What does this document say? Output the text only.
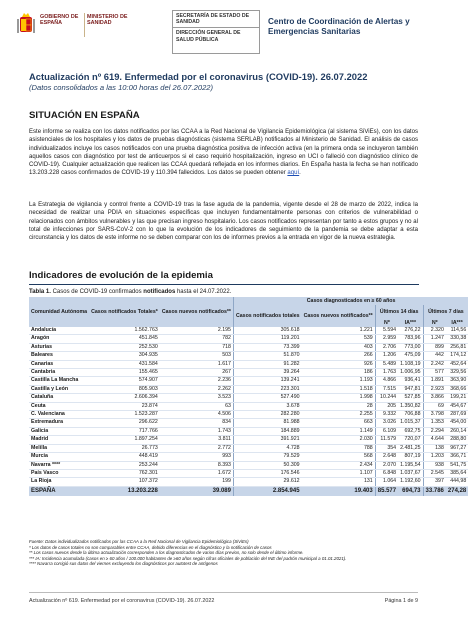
GOBIERNO DE ESPAÑA
MINISTERIO DE SANIDAD
SECRETARÍA DE ESTADO DE SANIDAD
DIRECCIÓN GENERAL DE SALUD PÚBLICA
Centro de Coordinación de Alertas y Emergencias Sanitarias
Actualización nº 619. Enfermedad por el coronavirus (COVID-19). 26.07.2022
(Datos consolidados a las 10:00 horas del 26.07.2022)
SITUACIÓN EN ESPAÑA
Este informe se realiza con los datos notificados por las CCAA a la Red Nacional de Vigilancia Epidemiológica (al sistema SiViEs), con los datos asistenciales de los hospitales y los datos de pruebas diagnósticas (sistema SERLAB) notificados al Ministerio de Sanidad. El análisis de casos individualizados incluye los casos notificados con una prueba diagnóstica positiva de infección activa (en la primera onda se incluyeron también aquellos casos con diagnóstico por test de anticuerpos si el caso requirió hospitalización, ingreso en UCI o falleció con diagnóstico clínico de COVID-19). Cualquier actualización que realicen las CCAA quedará reflejada en los informes diarios. En España hasta la fecha se han notificado 13.203.228 casos confirmados de COVID-19 y 110.394 fallecidos. Los datos se pueden obtener aquí.
La Estrategia de vigilancia y control frente a COVID-19 tras la fase aguda de la pandemia, vigente desde el 28 de marzo de 2022, indica la necesidad de realizar una PDIA en situaciones específicas que incluyen fundamentalmente personas con criterios de vulnerabilidad o relacionados con ámbitos vulnerables y las que precisan ingreso hospitalario. Los casos notificados representan por tanto a estos grupos y no al total de infecciones por SARS-CoV-2 con lo que la evolución de los indicadores de seguimiento de la pandemia se debe adaptar a esta circunstancia y los datos de este informe no se deben comparar con los de informes previos a la entrada en vigor de la nueva estrategia.
Indicadores de evolución de la epidemia
Tabla 1. Casos de COVID-19 confirmados notificados hasta el 24.07.2022.
Comunidad Autónoma	Casos notificados Totales*	Casos nuevos notificados**	Casos diagnosticados en ≥ 60 años					
			Casos notificados totales	Casos nuevos notificados**	Últimos 14 días		Últimos 7 días	
					Nº	IA***	Nº	IA***
Andalucía	1.562.763	2.195	305.618	1.221	5.594	276,22	2.320	114,56
Aragón	451.845	782	119.201	539	2.959	783,96	1.247	330,38
Asturias	252.530	718	73.399	403	2.706	773,00	899	256,81
Baleares	304.935	503	51.870	266	1.206	475,09	442	174,12
Canarias	431.584	1.617	91.282	926	5.489	1.108,19	2.242	452,64
Cantabria	155.465	267	39.264	186	1.763	1.006,95	577	329,56
Castilla La Mancha	574.907	2.236	139.241	1.193	4.866	936,41	1.891	363,90
Castilla y León	805.903	2.262	223.301	1.518	7.515	947,81	2.923	368,66
Cataluña	2.606.394	3.523	527.490	1.998	10.244	527,85	3.866	199,21
Ceuta	23.874	63	3.678	28	205	1.350,82	69	454,67
C. Valenciana	1.523.287	4.506	282.280	2.255	9.332	706,88	3.798	287,69
Extremadura	296.622	834	81.988	663	3.026	1.015,37	1.353	454,00
Galicia	717.766	1.743	184.889	1.149	6.109	692,75	2.294	260,14
Madrid	1.897.254	3.811	391.921	2.030	11.579	720,07	4.644	288,80
Melilla	26.773	2.772	4.728	788	354	2.481,25	138	967,27
Murcia	448.419	993	79.529	568	2.648	807,19	1.203	366,71
Navarra ****	253.244	8.393	50.309	2.434	2.070	1.195,54	938	541,75
País Vasco	762.301	1.672	176.546	1.107	6.848	1.037,67	2.545	385,64
La Rioja	107.372	199	29.612	131	1.064	1.192,60	397	444,98
ESPAÑA	13.203.228	39.089	2.854.945	19.403	85.577	694,73	33.786	274,28
Fuente: Datos individualizados notificados por las CCAA a la Red Nacional de Vigilancia Epidemiológica (SiViEs)
* Los datos de casos totales no son comparables entre CCAA, debido diferencias en el diagnóstico y la notificación de casos
** Los casos nuevos desde la última actualización corresponden a los diagnosticados de varios días previos, no solo desde el último informe.
*** IA: Incidencia acumulada (casos en ≥ 60 años / 100.000 habitantes de ≥60 años según cifras oficiales de población del INE del padrón municipal a 01.01.2021).
**** Navarra corrigió sus datos del viernes excluyendo los diagnósticos por autotest de antígenos
Actualización nº 619. Enfermedad por el coronavirus (COVID-19). 26.07.2022	Página 1 de 9
